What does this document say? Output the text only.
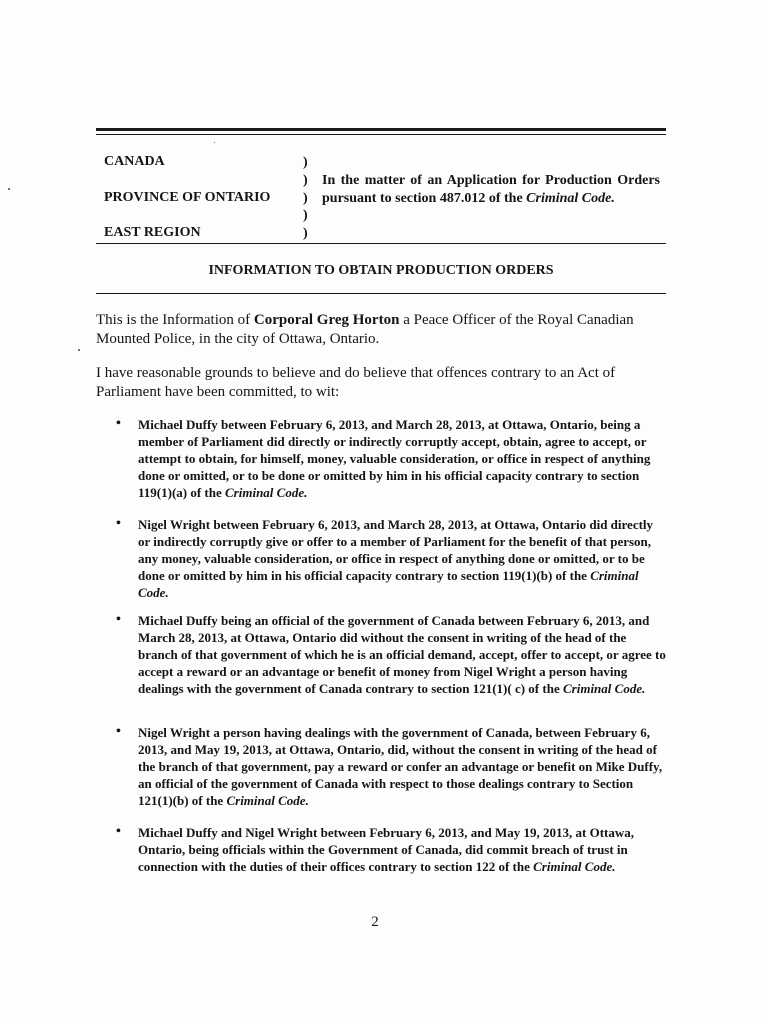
CANADA
PROVINCE OF ONTARIO
EAST REGION
)
)
)
)
)
In the matter of an Application for Production Orders pursuant to section 487.012 of the Criminal Code.
INFORMATION TO OBTAIN PRODUCTION ORDERS
This is the Information of Corporal Greg Horton a Peace Officer of the Royal Canadian Mounted Police, in the city of Ottawa, Ontario.
I have reasonable grounds to believe and do believe that offences contrary to an Act of Parliament have been committed, to wit:
• Michael Duffy between February 6, 2013, and March 28, 2013, at Ottawa, Ontario, being a member of Parliament did directly or indirectly corruptly accept, obtain, agree to accept, or attempt to obtain, for himself, money, valuable consideration, or office in respect of anything done or omitted, or to be done or omitted by him in his official capacity contrary to section 119(1)(a) of the Criminal Code.
• Nigel Wright between February 6, 2013, and March 28, 2013, at Ottawa, Ontario did directly or indirectly corruptly give or offer to a member of Parliament for the benefit of that person, any money, valuable consideration, or office in respect of anything done or omitted, or to be done or omitted by him in his official capacity contrary to section 119(1)(b) of the Criminal Code.
• Michael Duffy being an official of the government of Canada between February 6, 2013, and March 28, 2013, at Ottawa, Ontario did without the consent in writing of the head of the branch of that government of which he is an official demand, accept, offer to accept, or agree to accept a reward or an advantage or benefit of money from Nigel Wright a person having dealings with the government of Canada contrary to section 121(1)( c) of the Criminal Code.
• Nigel Wright a person having dealings with the government of Canada, between February 6, 2013, and May 19, 2013, at Ottawa, Ontario, did, without the consent in writing of the head of the branch of that government, pay a reward or confer an advantage or benefit on Mike Duffy, an official of the government of Canada with respect to those dealings contrary to Section 121(1)(b) of the Criminal Code.
• Michael Duffy and Nigel Wright between February 6, 2013, and May 19, 2013, at Ottawa, Ontario, being officials within the Government of Canada, did commit breach of trust in connection with the duties of their offices contrary to section 122 of the Criminal Code.
2
